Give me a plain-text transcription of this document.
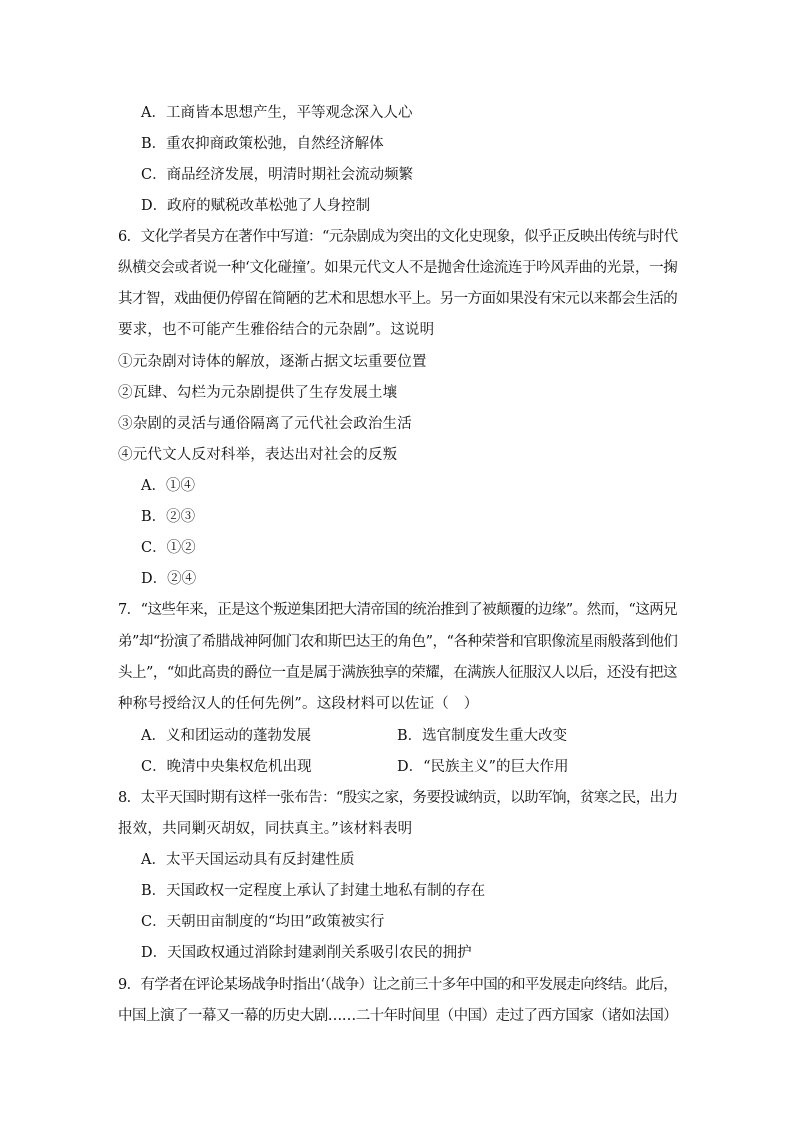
A．工商皆本思想产生，平等观念深入人心
B．重农抑商政策松弛，自然经济解体
C．商品经济发展，明清时期社会流动频繁
D．政府的赋税改革松弛了人身控制
6．文化学者吴方在著作中写道：“元杂剧成为突出的文化史现象，似乎正反映出传统与时代
纵横交会或者说一种‘文化碰撞’。如果元代文人不是抛舍仕途流连于吟风弄曲的光景，一掬
其才智，戏曲便仍停留在简陋的艺术和思想水平上。另一方面如果没有宋元以来都会生活的
要求，也不可能产生雅俗结合的元杂剧”。这说明
①元杂剧对诗体的解放，逐渐占据文坛重要位置
②瓦肆、勾栏为元杂剧提供了生存发展土壤
③杂剧的灵活与通俗隔离了元代社会政治生活
④元代文人反对科举，表达出对社会的反叛
A．①④
B．②③
C．①②
D．②④
7．“这些年来，正是这个叛逆集团把大清帝国的统治推到了被颠覆的边缘”。然而，“这两兄
弟”却“扮演了希腊战神阿伽门农和斯巴达王的角色”，“各种荣誉和官职像流星雨般落到他们
头上”，“如此高贵的爵位一直是属于满族独享的荣耀，在满族人征服汉人以后，还没有把这
种称号授给汉人的任何先例”。这段材料可以佐证（　）
A．义和团运动的蓬勃发展	B．选官制度发生重大改变
C．晚清中央集权危机出现	D．“民族主义”的巨大作用
8．太平天国时期有这样一张布告：“殷实之家，务要投诚纳贡，以助军饷，贫寒之民，出力
报效，共同剿灭胡奴，同扶真主。”该材料表明
A．太平天国运动具有反封建性质
B．天国政权一定程度上承认了封建土地私有制的存在
C．天朝田亩制度的“均田”政策被实行
D．天国政权通过消除封建剥削关系吸引农民的拥护
9．有学者在评论某场战争时指出‘（战争）让之前三十多年中国的和平发展走向终结。此后，
中国上演了一幕又一幕的历史大剧……二十年时间里（中国）走过了西方国家（诸如法国）
